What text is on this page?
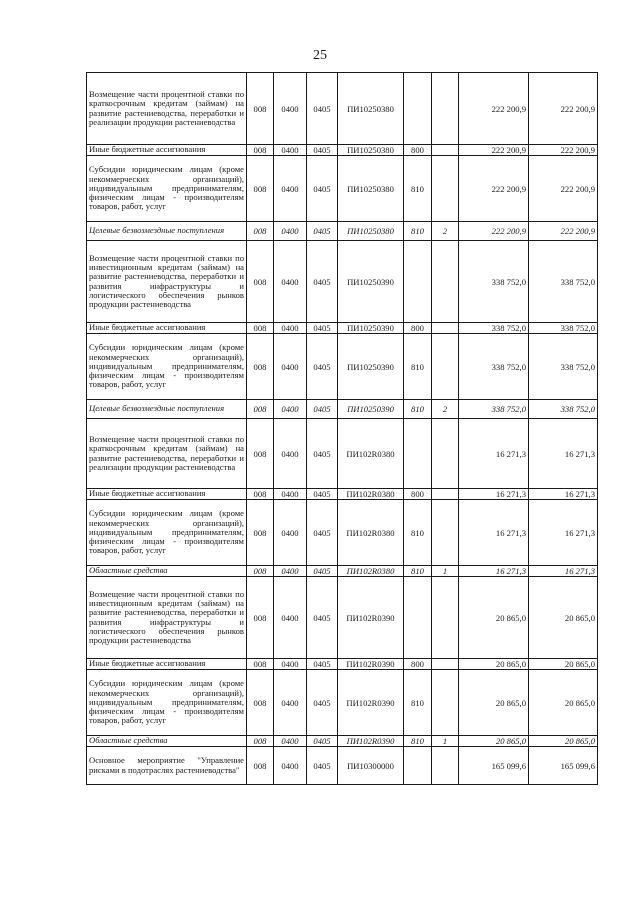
25
Возмещение части процентной ставки по краткосрочным кредитам (займам) на развитие растениеводства, переработки и реализации продукции растениеводства	008	0400	0405	ПИ10250380			222 200,9	222 200,9
Иные бюджетные ассигнования	008	0400	0405	ПИ10250380	800		222 200,9	222 200,9
Субсидии юридическим лицам (кроме некоммерческих организаций), индивидуальным предпринимателям, физическим лицам - производителям товаров, работ, услуг	008	0400	0405	ПИ10250380	810		222 200,9	222 200,9
Целевые безвозмездные поступления	008	0400	0405	ПИ10250380	810	2	222 200,9	222 200,9
Возмещение части процентной ставки по инвестиционным кредитам (займам) на развитие растениеводства, переработки и развития инфраструктуры и логистического обеспечения рынков продукции растениеводства	008	0400	0405	ПИ10250390			338 752,0	338 752,0
Иные бюджетные ассигнования	008	0400	0405	ПИ10250390	800		338 752,0	338 752,0
Субсидии юридическим лицам (кроме некоммерческих организаций), индивидуальным предпринимателям, физическим лицам - производителям товаров, работ, услуг	008	0400	0405	ПИ10250390	810		338 752,0	338 752,0
Целевые безвозмездные поступления	008	0400	0405	ПИ10250390	810	2	338 752,0	338 752,0
Возмещение части процентной ставки по краткосрочным кредитам (займам) на развитие растениеводства, переработки и реализации продукции растениеводства	008	0400	0405	ПИ102R0380			16 271,3	16 271,3
Иные бюджетные ассигнования	008	0400	0405	ПИ102R0380	800		16 271,3	16 271,3
Субсидии юридическим лицам (кроме некоммерческих организаций), индивидуальным предпринимателям, физическим лицам - производителям товаров, работ, услуг	008	0400	0405	ПИ102R0380	810		16 271,3	16 271,3
Областные средства	008	0400	0405	ПИ102R0380	810	1	16 271,3	16 271,3
Возмещение части процентной ставки по инвестиционным кредитам (займам) на развитие растениеводства, переработки и развития инфраструктуры и логистического обеспечения рынков продукции растениеводства	008	0400	0405	ПИ102R0390			20 865,0	20 865,0
Иные бюджетные ассигнования	008	0400	0405	ПИ102R0390	800		20 865,0	20 865,0
Субсидии юридическим лицам (кроме некоммерческих организаций), индивидуальным предпринимателям, физическим лицам - производителям товаров, работ, услуг	008	0400	0405	ПИ102R0390	810		20 865,0	20 865,0
Областные средства	008	0400	0405	ПИ102R0390	810	1	20 865,0	20 865,0
Основное мероприятие "Управление рисками в подотраслях растениеводства"	008	0400	0405	ПИ10300000			165 099,6	165 099,6
